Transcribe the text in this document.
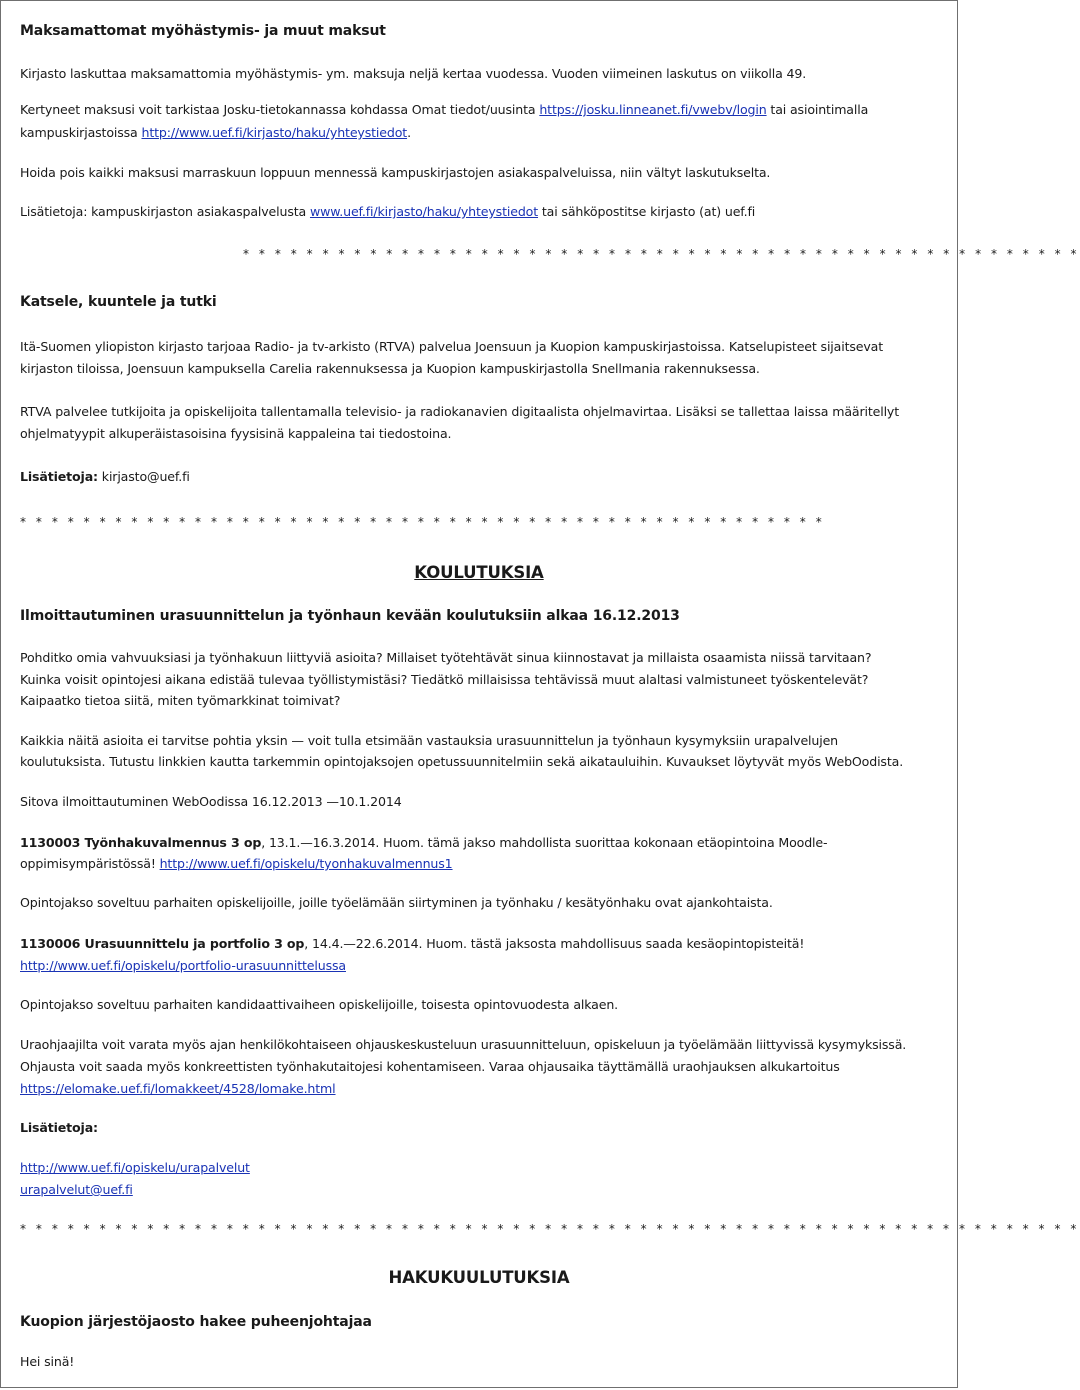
Maksamattomat myöhästymis- ja muut maksut
Kirjasto laskuttaa maksamattomia myöhästymis- ym. maksuja neljä kertaa vuodessa. Vuoden viimeinen laskutus on viikolla 49.
Kertyneet maksusi voit tarkistaa Josku-tietokannassa kohdassa Omat tiedot/uusinta https://josku.linneanet.fi/vwebv/login tai asiointimalla
kampuskirjastoissa http://www.uef.fi/kirjasto/haku/yhteystiedot.
Hoida pois kaikki maksusi marraskuun loppuun mennessä kampuskirjastojen asiakaspalveluissa, niin vältyt laskutukselta.
Lisätietoja: kampuskirjaston asiakaspalvelusta www.uef.fi/kirjasto/haku/yhteystiedot tai sähköpostitse kirjasto (at) uef.fi
* * * * * * * * * * * * * * * * * * * * * * * * * * * * * * * * * * * * * * * * * * * * * * * * * * * * *
Katsele, kuuntele ja tutki
Itä-Suomen yliopiston kirjasto tarjoaa Radio- ja tv-arkisto (RTVA) palvelua Joensuun ja Kuopion kampuskirjastoissa. Katselupisteet sijaitsevat
kirjaston tiloissa, Joensuun kampuksella Carelia rakennuksessa ja Kuopion kampuskirjastolla Snellmania rakennuksessa.
RTVA palvelee tutkijoita ja opiskelijoita tallentamalla televisio- ja radiokanavien digitaalista ohjelmavirtaa. Lisäksi se tallettaa laissa määritellyt
ohjelmatyypit alkuperäistasoisina fyysisinä kappaleina tai tiedostoina.
Lisätietoja: kirjasto@uef.fi
* * * * * * * * * * * * * * * * * * * * * * * * * * * * * * * * * * * * * * * * * * * * * * * * * * *
KOULUTUKSIA
Ilmoittautuminen urasuunnittelun ja työnhaun kevään koulutuksiin alkaa 16.12.2013
Pohditko omia vahvuuksiasi ja työnhakuun liittyviä asioita? Millaiset työtehtävät sinua kiinnostavat ja millaista osaamista niissä tarvitaan?
Kuinka voisit opintojesi aikana edistää tulevaa työllistymistäsi? Tiedätkö millaisissa tehtävissä muut alaltasi valmistuneet työskentelevät?
Kaipaatko tietoa siitä, miten työmarkkinat toimivat?
Kaikkia näitä asioita ei tarvitse pohtia yksin — voit tulla etsimään vastauksia urasuunnittelun ja työnhaun kysymyksiin urapalvelujen
koulutuksista. Tutustu linkkien kautta tarkemmin opintojaksojen opetussuunnitelmiin sekä aikatauluihin. Kuvaukset löytyvät myös WebOodista.
Sitova ilmoittautuminen WebOodissa 16.12.2013 —10.1.2014
1130003 Työnhakuvalmennus 3 op, 13.1.—16.3.2014. Huom. tämä jakso mahdollista suorittaa kokonaan etäopintoina Moodle-
oppimisympäristössä! http://www.uef.fi/opiskelu/tyonhakuvalmennus1
Opintojakso soveltuu parhaiten opiskelijoille, joille työelämään siirtyminen ja työnhaku / kesätyönhaku ovat ajankohtaista.
1130006 Urasuunnittelu ja portfolio 3 op, 14.4.—22.6.2014. Huom. tästä jaksosta mahdollisuus saada kesäopintopisteitä!
http://www.uef.fi/opiskelu/portfolio-urasuunnittelussa
Opintojakso soveltuu parhaiten kandidaattivaiheen opiskelijoille, toisesta opintovuodesta alkaen.
Uraohjaajilta voit varata myös ajan henkilökohtaiseen ohjauskeskusteluun urasuunnitteluun, opiskeluun ja työelämään liittyvissä kysymyksissä.
Ohjausta voit saada myös konkreettisten työnhakutaitojesi kohentamiseen. Varaa ohjausaika täyttämällä uraohjauksen alkukartoitus
https://elomake.uef.fi/lomakkeet/4528/lomake.html
Lisätietoja:
http://www.uef.fi/opiskelu/urapalvelut
urapalvelut@uef.fi
* * * * * * * * * * * * * * * * * * * * * * * * * * * * * * * * * * * * * * * * * * * * * * * * * * * * * * * * * * * * * * * * * * *
HAKUKUULUTUKSIA
Kuopion järjestöjaosto hakee puheenjohtajaa
Hei sinä!
